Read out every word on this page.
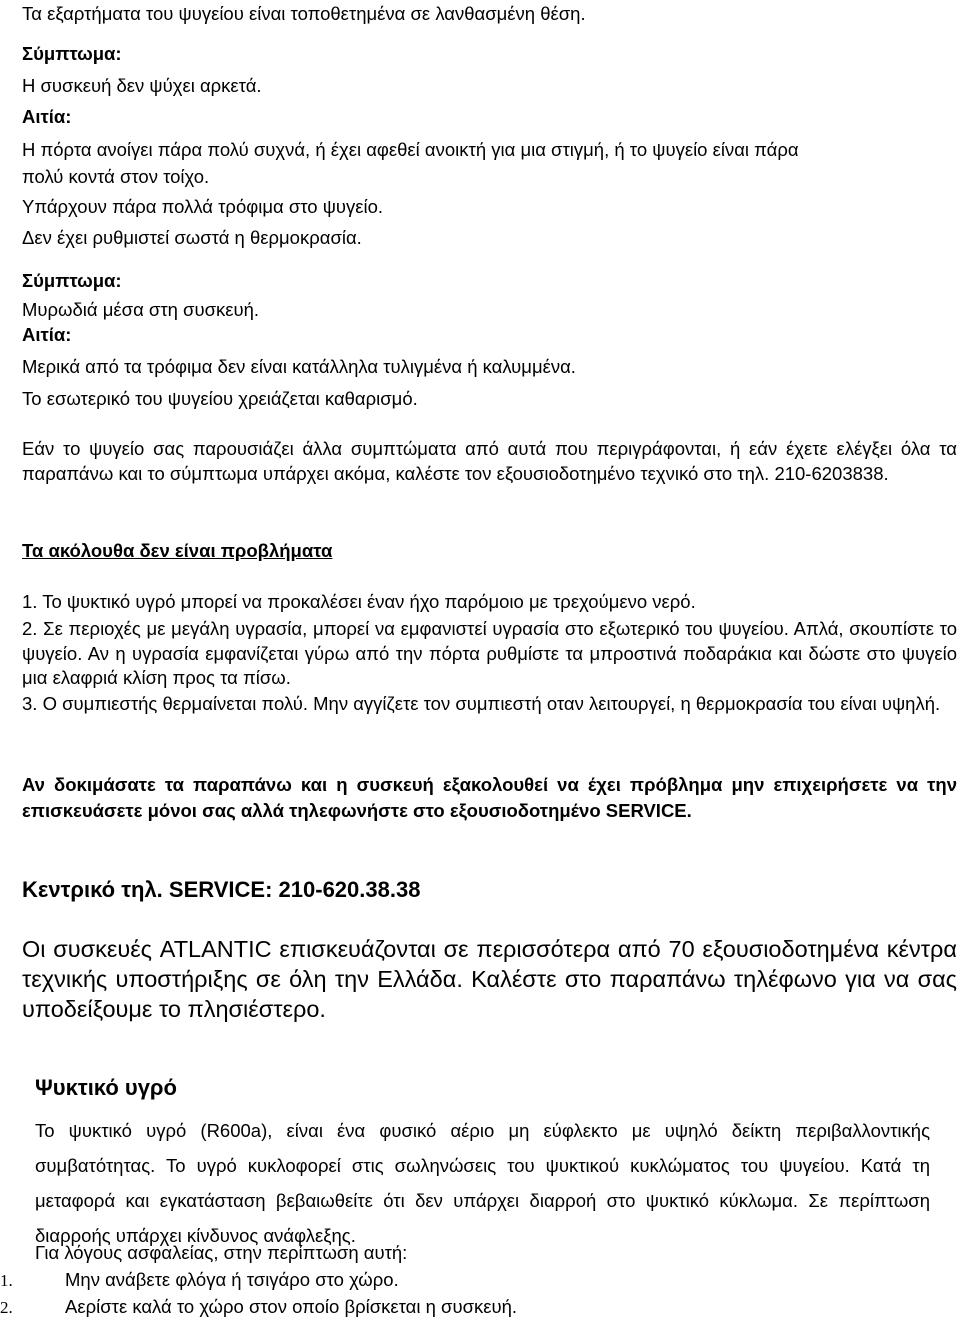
Τα εξαρτήματα του ψυγείου είναι τοποθετημένα σε λανθασμένη θέση.
Σύμπτωμα:
Η συσκευή δεν ψύχει αρκετά.
Αιτία:
Η πόρτα ανοίγει πάρα πολύ συχνά, ή έχει αφεθεί ανοικτή για μια στιγμή, ή το ψυγείο είναι πάρα
πολύ κοντά στον τοίχο.
Υπάρχουν πάρα πολλά τρόφιμα στο ψυγείο.
Δεν έχει ρυθμιστεί σωστά η θερμοκρασία.
Σύμπτωμα:
Μυρωδιά μέσα στη συσκευή.
Αιτία:
Μερικά από τα τρόφιμα δεν είναι κατάλληλα τυλιγμένα ή καλυμμένα.
Το εσωτερικό του ψυγείου χρειάζεται καθαρισμό.

Εάν το ψυγείο σας παρουσιάζει άλλα συμπτώματα από αυτά που περιγράφονται, ή εάν έχετε ελέγξει όλα τα παραπάνω και το σύμπτωμα υπάρχει ακόμα, καλέστε τον εξουσιοδοτημένο τεχνικό στο τηλ. 210-6203838.

Τα ακόλουθα δεν είναι προβλήματα

1. Το ψυκτικό υγρό μπορεί να προκαλέσει έναν ήχο παρόμοιο με τρεχούμενο νερό.

2. Σε περιοχές με μεγάλη υγρασία, μπορεί να εμφανιστεί υγρασία στο εξωτερικό του ψυγείου. Απλά, σκουπίστε το ψυγείο. Αν η υγρασία εμφανίζεται γύρω από την πόρτα ρυθμίστε τα μπροστινά ποδαράκια και δώστε στο ψυγείο μια ελαφριά κλίση προς τα πίσω.

3. Ο συμπιεστής θερμαίνεται πολύ. Μην αγγίζετε τον συμπιεστή οταν λειτουργεί, η θερμοκρασία του είναι υψηλή.

Αν δοκιμάσατε τα παραπάνω και η συσκευή εξακολουθεί να έχει πρόβλημα μην επιχειρήσετε να την επισκευάσετε μόνοι σας αλλά τηλεφωνήστε στο εξουσιοδοτημένο SERVICE.

Κεντρικό τηλ. SERVICE: 210-620.38.38

Οι συσκευές ATLANTIC επισκευάζονται σε περισσότερα από 70 εξουσιοδοτημένα κέντρα τεχνικής υποστήριξης σε όλη την Ελλάδα. Καλέστε στο παραπάνω τηλέφωνο για να σας υποδείξουμε το πλησιέστερο.

Ψυκτικό υγρό

Το ψυκτικό υγρό (R600a), είναι ένα φυσικό αέριο μη εύφλεκτο με υψηλό δείκτη περιβαλλοντικής συμβατότητας. Το υγρό κυκλοφορεί στις σωληνώσεις του ψυκτικού κυκλώματος του ψυγείου. Κατά τη μεταφορά και εγκατάσταση βεβαιωθείτε ότι δεν υπάρχει διαρροή στο ψυκτικό κύκλωμα. Σε περίπτωση διαρροής υπάρχει κίνδυνος ανάφλεξης.

Για λόγους ασφαλείας, στην περίπτωση αυτή:
1.	Μην ανάβετε φλόγα ή τσιγάρο στο χώρο.
2.	Αερίστε καλά το χώρο στον οποίο βρίσκεται η συσκευή.
